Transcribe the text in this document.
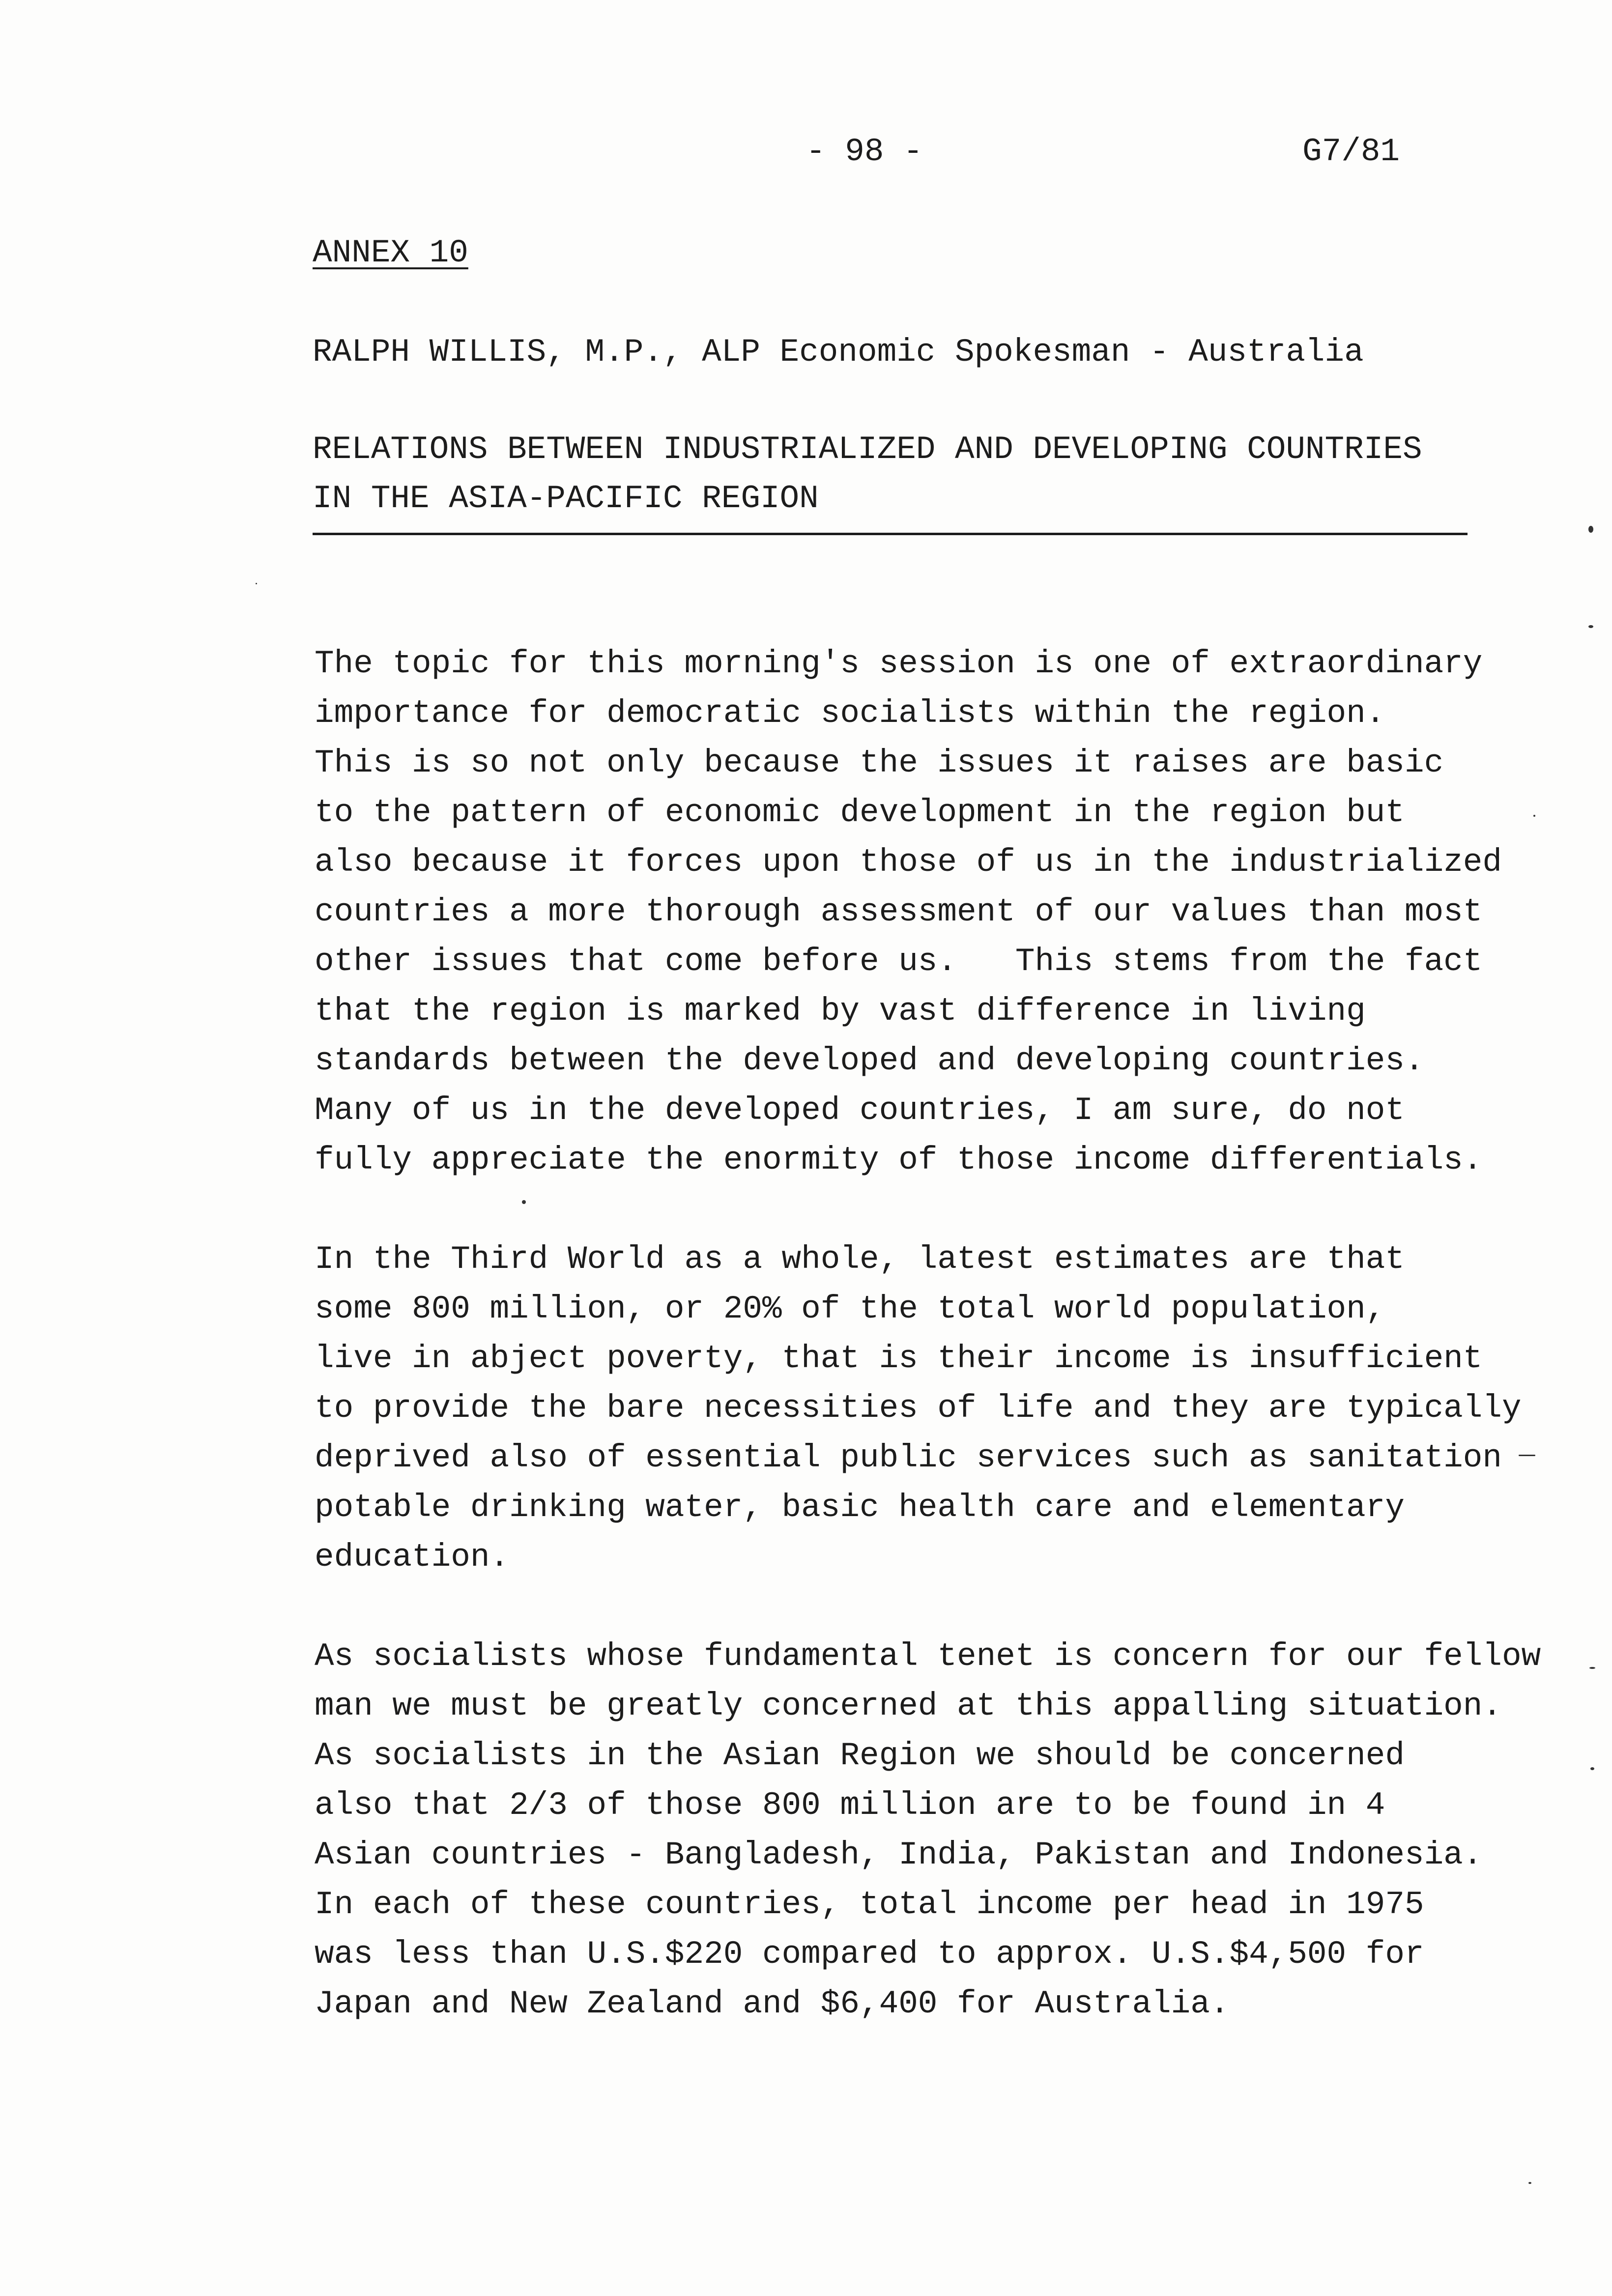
- 98 -	G7/81
ANNEX 10
RALPH WILLIS, M.P., ALP Economic Spokesman - Australia
RELATIONS BETWEEN INDUSTRIALIZED AND DEVELOPING COUNTRIES
IN THE ASIA-PACIFIC REGION
The topic for this morning's session is one of extraordinary
importance for democratic socialists within the region.
This is so not only because the issues it raises are basic
to the pattern of economic development in the region but
also because it forces upon those of us in the industrialized
countries a more thorough assessment of our values than most
other issues that come before us.   This stems from the fact
that the region is marked by vast difference in living
standards between the developed and developing countries.
Many of us in the developed countries, I am sure, do not
fully appreciate the enormity of those income differentials.
In the Third World as a whole, latest estimates are that
some 800 million, or 20% of the total world population,
live in abject poverty, that is their income is insufficient
to provide the bare necessities of life and they are typically
deprived also of essential public services such as sanitation
potable drinking water, basic health care and elementary
education.
As socialists whose fundamental tenet is concern for our fellow
man we must be greatly concerned at this appalling situation.
As socialists in the Asian Region we should be concerned
also that 2/3 of those 800 million are to be found in 4
Asian countries - Bangladesh, India, Pakistan and Indonesia.
In each of these countries, total income per head in 1975
was less than U.S.$220 compared to approx. U.S.$4,500 for
Japan and New Zealand and $6,400 for Australia.
